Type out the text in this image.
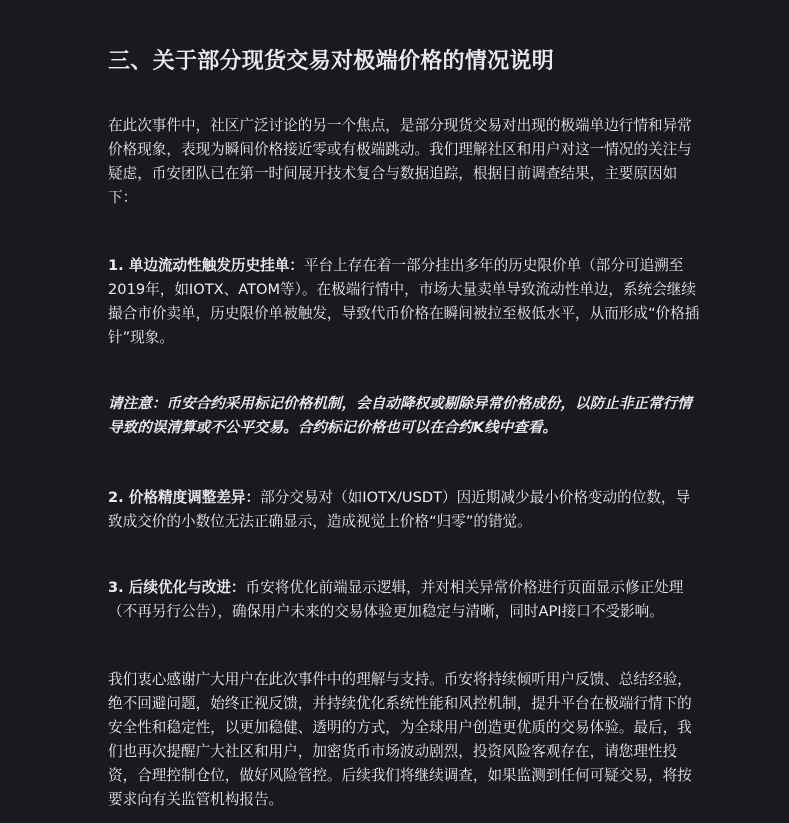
三、关于部分现货交易对极端价格的情况说明

在此次事件中，社区广泛讨论的另一个焦点，是部分现货交易对出现的极端单边行情和异常价格现象，表现为瞬间价格接近零或有极端跳动。我们理解社区和用户对这一情况的关注与疑虑，币安团队已在第一时间展开技术复合与数据追踪，根据目前调查结果，主要原因如下：

1. 单边流动性触发历史挂单：平台上存在着一部分挂出多年的历史限价单（部分可追溯至2019年，如IOTX、ATOM等）。在极端行情中，市场大量卖单导致流动性单边，系统会继续撮合市价卖单，历史限价单被触发，导致代币价格在瞬间被拉至极低水平，从而形成“价格插针”现象。

请注意：币安合约采用标记价格机制，会自动降权或剔除异常价格成份，以防止非正常行情导致的误清算或不公平交易。合约标记价格也可以在合约K线中查看。

2. 价格精度调整差异：部分交易对（如IOTX/USDT）因近期减少最小价格变动的位数，导致成交价的小数位无法正确显示，造成视觉上价格“归零”的错觉。

3. 后续优化与改进：币安将优化前端显示逻辑，并对相关异常价格进行页面显示修正处理（不再另行公告），确保用户未来的交易体验更加稳定与清晰，同时API接口不受影响。

我们衷心感谢广大用户在此次事件中的理解与支持。币安将持续倾听用户反馈、总结经验，绝不回避问题，始终正视反馈，并持续优化系统性能和风控机制，提升平台在极端行情下的安全性和稳定性，以更加稳健、透明的方式，为全球用户创造更优质的交易体验。最后，我们也再次提醒广大社区和用户，加密货币市场波动剧烈，投资风险客观存在，请您理性投资，合理控制仓位，做好风险管控。后续我们将继续调查，如果监测到任何可疑交易，将按要求向有关监管机构报告。
